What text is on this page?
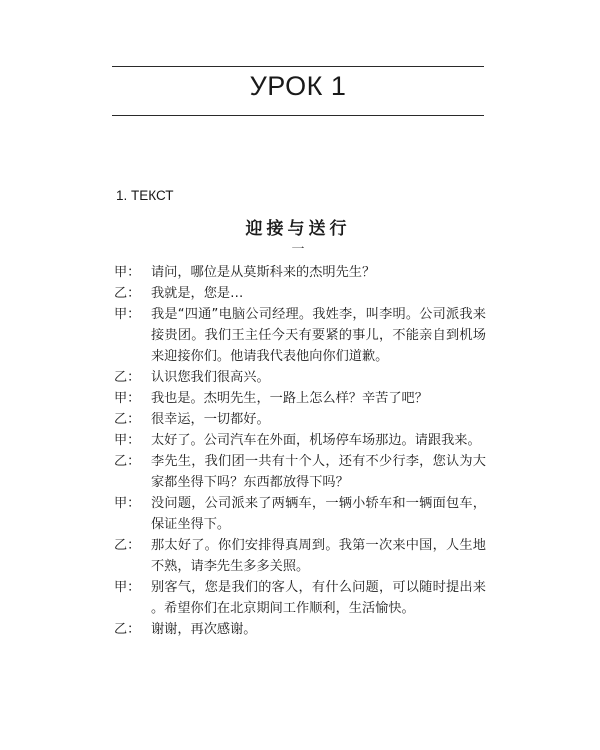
УРОК 1
1. ТЕКСТ
迎接与送行
一
甲： 请问，哪位是从莫斯科来的杰明先生？
乙： 我就是，您是…
甲： 我是“四通”电脑公司经理。我姓李，叫李明。公司派我来接贵团。我们王主任今天有要紧的事儿，不能亲自到机场来迎接你们。他请我代表他向你们道歉。
乙： 认识您我们很高兴。
甲： 我也是。杰明先生，一路上怎么样？辛苦了吧？
乙： 很幸运，一切都好。
甲： 太好了。公司汽车在外面，机场停车场那边。请跟我来。
乙： 李先生，我们团一共有十个人，还有不少行李，您认为大家都坐得下吗？东西都放得下吗？
甲： 没问题，公司派来了两辆车，一辆小轿车和一辆面包车，保证坐得下。
乙： 那太好了。你们安排得真周到。我第一次来中国，人生地不熟，请李先生多多关照。
甲： 别客气，您是我们的客人，有什么问题，可以随时提出来。希望你们在北京期间工作顺利，生活愉快。
乙： 谢谢，再次感谢。
